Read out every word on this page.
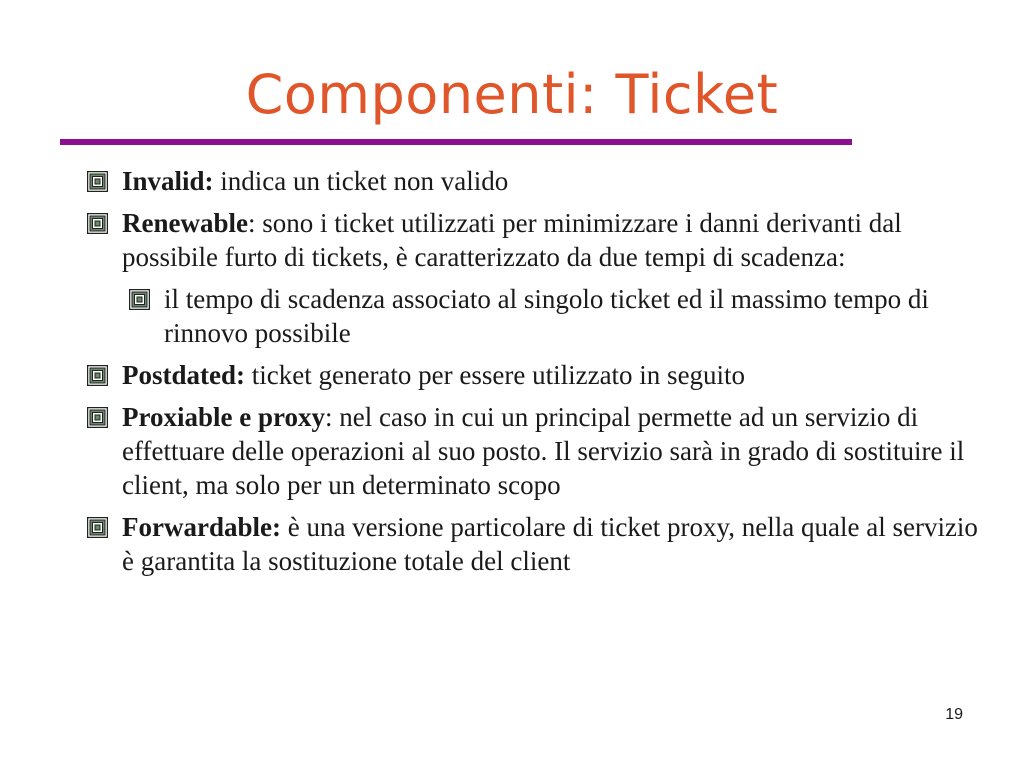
Componenti: Ticket
Invalid: indica un ticket non valido
Renewable: sono i ticket utilizzati per minimizzare i danni derivanti dal possibile furto di tickets, è caratterizzato da due tempi di scadenza:
il tempo di scadenza associato al singolo ticket ed il massimo tempo di rinnovo possibile
Postdated: ticket generato per essere utilizzato in seguito
Proxiable e proxy: nel caso in cui un principal permette ad un servizio di effettuare delle operazioni al suo posto. Il servizio sarà in grado di sostituire il client, ma solo per un determinato scopo
Forwardable: è una versione particolare di ticket proxy, nella quale al servizio è garantita la sostituzione totale del client
19
